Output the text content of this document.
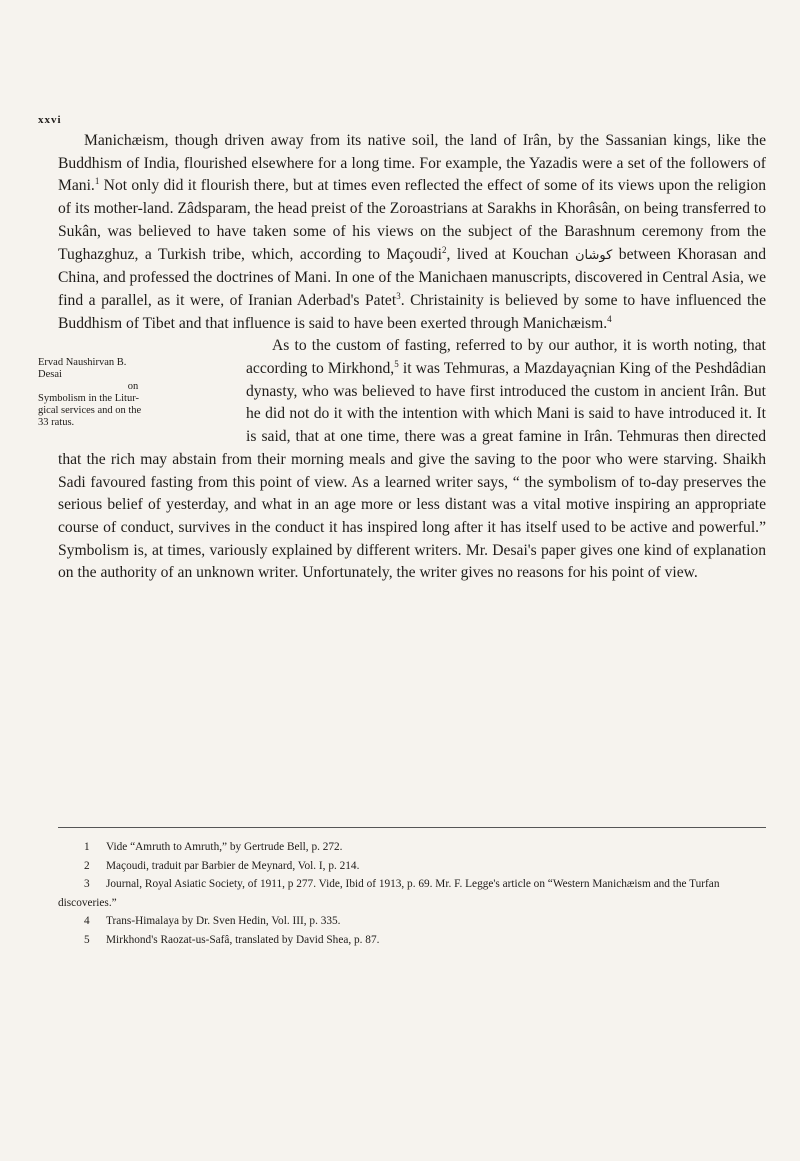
xxvi

Manichæism, though driven away from its native soil, the land of Irân, by the Sassanian kings, like the Buddhism of India, flourished elsewhere for a long time. For example, the Yazadis were a set of the followers of Mani.$^1$ Not only did it flourish there, but at times even reflected the effect of some of its views upon the religion of its mother-land. Zâdsparam, the head preist of the Zoroastrians at Sarakhs in Khorâsân, on being transferred to Sukân, was believed to have taken some of his views on the subject of the Barashnum ceremony from the Tughazghuz, a Turkish tribe, which, according to Maçoudi$^2$, lived at Kouchan کوشان between Khorasan and China, and professed the doctrines of Mani. In one of the Manichaen manuscripts, discovered in Central Asia, we find a parallel, as it were, of Iranian Aderbad's Patet$^3$. Christainity is believed by some to have influenced the Buddhism of Tibet and that influence is said to have been exerted through Manichæism.$^4$

Ervad Naushirvan B.
Desai
on
Symbolism in the Litur-
gical services and on the
33 ratus.
As to the custom of fasting, referred to by our author, it is worth noting, that according to Mirkhond,$^5$ it was Tehmuras, a Mazdayaçnian King of the Peshdâdian dynasty, who was believed to have first introduced the custom in ancient Irân. But he did not do it with the intention with which Mani is said to have introduced it. It is said, that at one time, there was a great famine in Irân. Tehmuras then directed that the rich may abstain from their morning meals and give the saving to the poor who were starving. Shaikh Sadi favoured fasting from this point of view. As a learned writer says, “ the symbolism of to-day preserves the serious belief of yesterday, and what in an age more or less distant was a vital motive inspiring an appropriate course of conduct, survives in the conduct it has inspired long after it has itself used to be active and powerful.” Symbolism is, at times, variously explained by different writers. Mr. Desai's paper gives one kind of explanation on the authority of an unknown writer. Unfortunately, the writer gives no reasons for his point of view.

1 Vide “Amruth to Amruth,” by Gertrude Bell, p. 272.
2 Maçoudi, traduit par Barbier de Meynard, Vol. I, p. 214.
3 Journal, Royal Asiatic Society, of 1911, p 277. Vide, Ibid of 1913, p. 69. Mr. F. Legge's article on “Western Manichæism and the Turfan discoveries.”
4 Trans-Himalaya by Dr. Sven Hedin, Vol. III, p. 335.
5 Mirkhond's Raozat-us-Safâ, translated by David Shea, p. 87.
